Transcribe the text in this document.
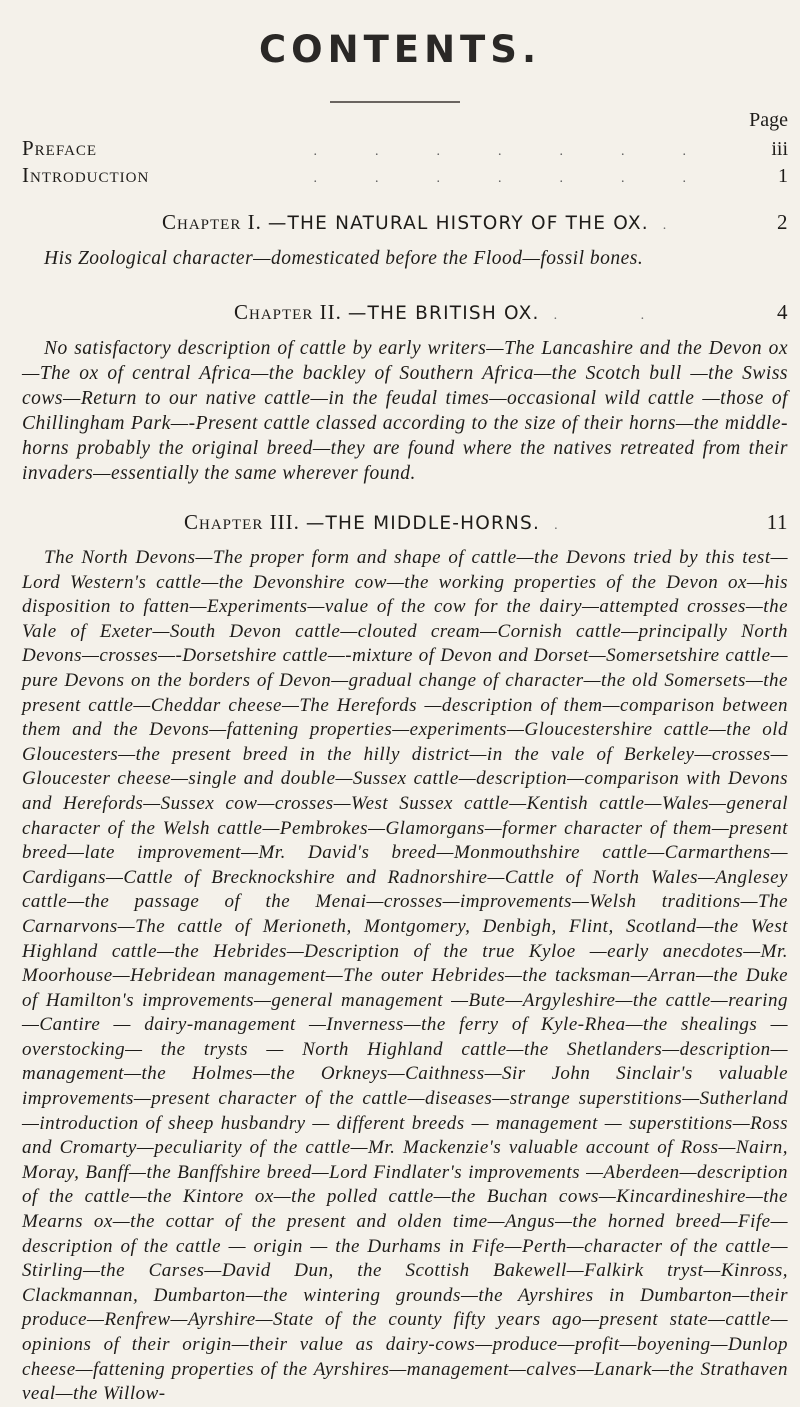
CONTENTS.
Page
Preface	.......	iii
Introduction	.......	1
Chapter I. —THE NATURAL HISTORY OF THE OX. .	2

His Zoological character—domesticated before the Flood—fossil bones.

Chapter II. —THE BRITISH OX. . .	4

No satisfactory description of cattle by early writers—The Lancashire and the Devon ox—The ox of central Africa—the backley of Southern Africa—the Scotch bull —the Swiss cows—Return to our native cattle—in the feudal times—occasional wild cattle —those of Chillingham Park—-Present cattle classed according to the size of their horns—the middle-horns probably the original breed—they are found where the natives retreated from their invaders—essentially the same wherever found.

Chapter III. —THE MIDDLE-HORNS. .	11

The North Devons—The proper form and shape of cattle—the Devons tried by this test—Lord Western's cattle—the Devonshire cow—the working properties of the Devon ox—his disposition to fatten—Experiments—value of the cow for the dairy—attempted crosses—the Vale of Exeter—South Devon cattle—clouted cream—Cornish cattle—principally North Devons—crosses—-Dorsetshire cattle—-mixture of Devon and Dorset—Somersetshire cattle—pure Devons on the borders of Devon—gradual change of character—the old Somersets—the present cattle—Cheddar cheese—The Herefords —description of them—comparison between them and the Devons—fattening properties—experiments—Gloucestershire cattle—the old Gloucesters—the present breed in the hilly district—in the vale of Berkeley—crosses—Gloucester cheese—single and double—Sussex cattle—description—comparison with Devons and Herefords—Sussex cow—crosses—West Sussex cattle—Kentish cattle—Wales—general character of the Welsh cattle—Pembrokes—Glamorgans—former character of them—present breed—late improvement—Mr. David's breed—Monmouthshire cattle—Carmarthens—Cardigans—Cattle of Brecknockshire and Radnorshire—Cattle of North Wales—Anglesey cattle—the passage of the Menai—crosses—improvements—Welsh traditions—The Carnarvons—The cattle of Merioneth, Montgomery, Denbigh, Flint, Scotland—the West Highland cattle—the Hebrides—Description of the true Kyloe —early anecdotes—Mr. Moorhouse—Hebridean management—The outer Hebrides—the tacksman—Arran—the Duke of Hamilton's improvements—general management —Bute—Argyleshire—the cattle—rearing—Cantire — dairy-management —Inverness—the ferry of Kyle-Rhea—the shealings —overstocking— the trysts — North Highland cattle—the Shetlanders—description— management—the Holmes—the Orkneys—Caithness—Sir John Sinclair's valuable improvements—present character of the cattle—diseases—strange superstitions—Sutherland—introduction of sheep husbandry — different breeds — management — superstitions—Ross and Cromarty—peculiarity of the cattle—Mr. Mackenzie's valuable account of Ross—Nairn, Moray, Banff—the Banffshire breed—Lord Findlater's improvements —Aberdeen—description of the cattle—the Kintore ox—the polled cattle—the Buchan cows—Kincardineshire—the Mearns ox—the cottar of the present and olden time—Angus—the horned breed—Fife—description of the cattle — origin — the Durhams in Fife—Perth—character of the cattle—Stirling—the Carses—David Dun, the Scottish Bakewell—Falkirk tryst—Kinross, Clackmannan, Dumbarton—the wintering grounds—the Ayrshires in Dumbarton—their produce—Renfrew—Ayrshire—State of the county fifty years ago—present state—cattle—opinions of their origin—their value as dairy-cows—produce—profit—boyening—Dunlop cheese—fattening properties of the Ayrshires—management—calves—Lanark—the Strathaven veal—the Willow-
